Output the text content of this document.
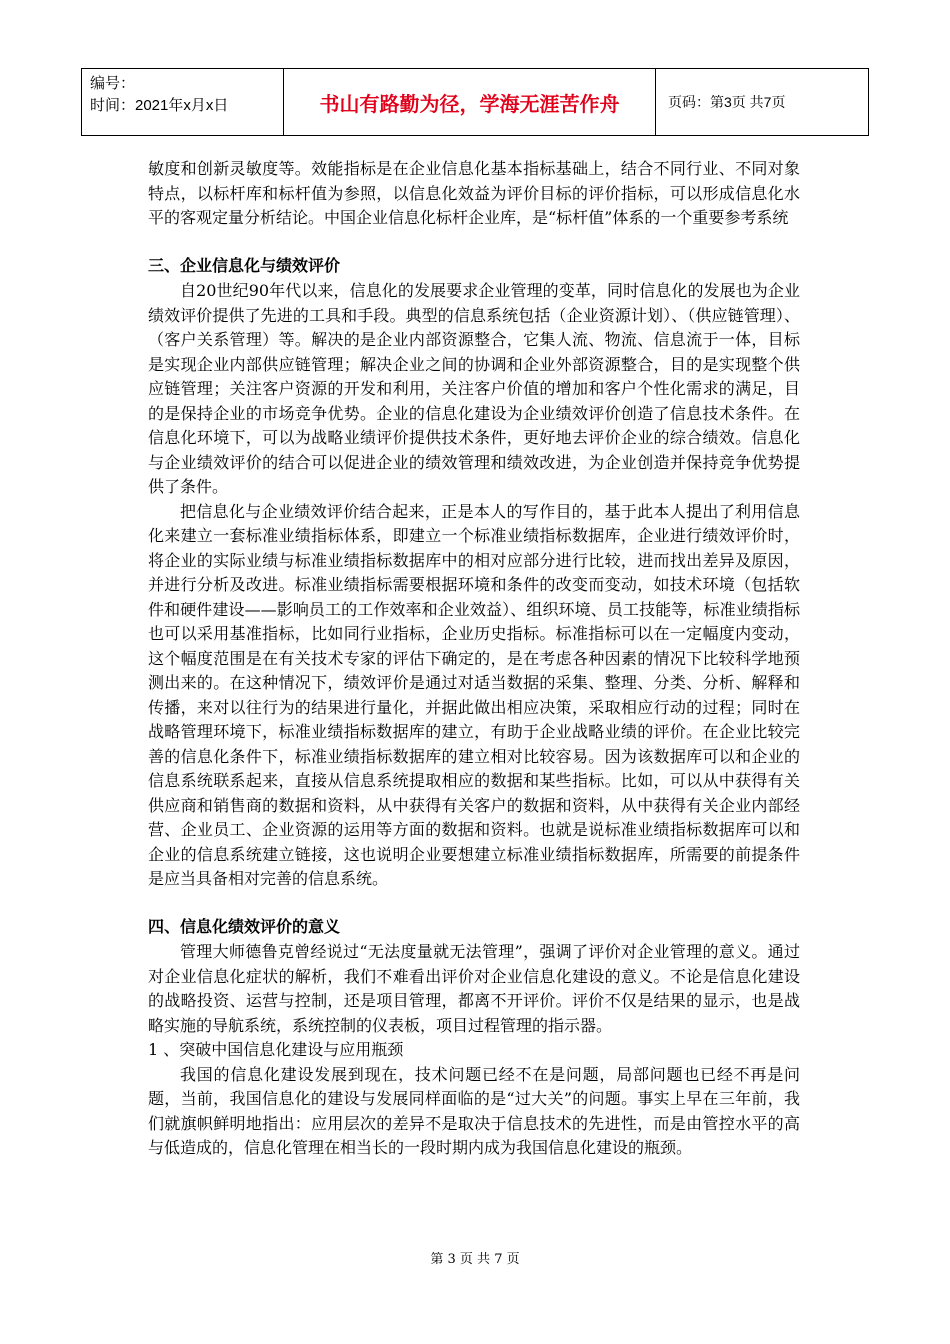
编号：
时间：2021年x月x日	书山有路勤为径，学海无涯苦作舟	页码：第3页 共7页

敏度和创新灵敏度等。效能指标是在企业信息化基本指标基础上，结合不同行业、不同对象特点，以标杆库和标杆值为参照，以信息化效益为评价目标的评价指标，可以形成信息化水平的客观定量分析结论。中国企业信息化标杆企业库，是“标杆值”体系的一个重要参考系统

三、企业信息化与绩效评价

自20世纪90年代以来，信息化的发展要求企业管理的变革，同时信息化的发展也为企业绩效评价提供了先进的工具和手段。典型的信息系统包括（企业资源计划）、（供应链管理）、（客户关系管理）等。解决的是企业内部资源整合，它集人流、物流、信息流于一体，目标是实现企业内部供应链管理；解决企业之间的协调和企业外部资源整合，目的是实现整个供应链管理；关注客户资源的开发和利用，关注客户价值的增加和客户个性化需求的满足，目的是保持企业的市场竞争优势。企业的信息化建设为企业绩效评价创造了信息技术条件。在信息化环境下，可以为战略业绩评价提供技术条件，更好地去评价企业的综合绩效。信息化与企业绩效评价的结合可以促进企业的绩效管理和绩效改进，为企业创造并保持竞争优势提供了条件。

把信息化与企业绩效评价结合起来，正是本人的写作目的，基于此本人提出了利用信息化来建立一套标准业绩指标体系，即建立一个标准业绩指标数据库，企业进行绩效评价时，将企业的实际业绩与标准业绩指标数据库中的相对应部分进行比较，进而找出差异及原因，并进行分析及改进。标准业绩指标需要根据环境和条件的改变而变动，如技术环境（包括软件和硬件建设——影响员工的工作效率和企业效益）、组织环境、员工技能等，标准业绩指标也可以采用基准指标，比如同行业指标，企业历史指标。标准指标可以在一定幅度内变动，这个幅度范围是在有关技术专家的评估下确定的，是在考虑各种因素的情况下比较科学地预测出来的。在这种情况下，绩效评价是通过对适当数据的采集、整理、分类、分析、解释和传播，来对以往行为的结果进行量化，并据此做出相应决策，采取相应行动的过程；同时在战略管理环境下，标准业绩指标数据库的建立，有助于企业战略业绩的评价。在企业比较完善的信息化条件下，标准业绩指标数据库的建立相对比较容易。因为该数据库可以和企业的信息系统联系起来，直接从信息系统提取相应的数据和某些指标。比如，可以从中获得有关供应商和销售商的数据和资料，从中获得有关客户的数据和资料，从中获得有关企业内部经营、企业员工、企业资源的运用等方面的数据和资料。也就是说标准业绩指标数据库可以和企业的信息系统建立链接，这也说明企业要想建立标准业绩指标数据库，所需要的前提条件是应当具备相对完善的信息系统。

四、信息化绩效评价的意义

管理大师德鲁克曾经说过“无法度量就无法管理”，强调了评价对企业管理的意义。通过对企业信息化症状的解析，我们不难看出评价对企业信息化建设的意义。不论是信息化建设的战略投资、运营与控制，还是项目管理，都离不开评价。评价不仅是结果的显示，也是战略实施的导航系统，系统控制的仪表板，项目过程管理的指示器。

1 、突破中国信息化建设与应用瓶颈

我国的信息化建设发展到现在，技术问题已经不在是问题，局部问题也已经不再是问题，当前，我国信息化的建设与发展同样面临的是“过大关”的问题。事实上早在三年前，我们就旗帜鲜明地指出：应用层次的差异不是取决于信息技术的先进性，而是由管控水平的高与低造成的，信息化管理在相当长的一段时期内成为我国信息化建设的瓶颈。

第 3 页 共 7 页
